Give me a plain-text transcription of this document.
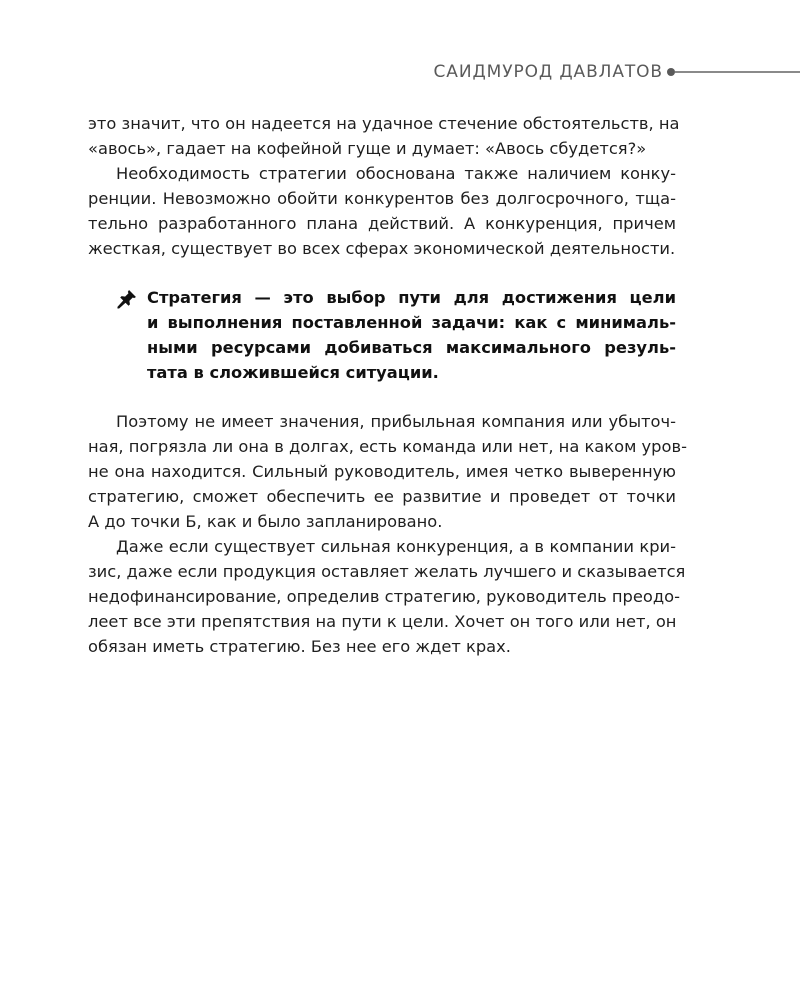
САИДМУРОД ДАВЛАТОВ
это значит, что он надеется на удачное стечение обстоятельств, на
«авось», гадает на кофейной гуще и думает: «Авось сбудется?»
Необходимость стратегии обоснована также наличием конку-
ренции. Невозможно обойти конкурентов без долгосрочного, тща-
тельно разработанного плана действий. А конкуренция, причем
жесткая, существует во всех сферах экономической деятельности.
Стратегия — это выбор пути для достижения цели
и выполнения поставленной задачи: как с минималь-
ными ресурсами добиваться максимального резуль-
тата в сложившейся ситуации.
Поэтому не имеет значения, прибыльная компания или убыточ-
ная, погрязла ли она в долгах, есть команда или нет, на каком уров-
не она находится. Сильный руководитель, имея четко выверенную
стратегию, сможет обеспечить ее развитие и проведет от точки
А до точки Б, как и было запланировано.
Даже если существует сильная конкуренция, а в компании кри-
зис, даже если продукция оставляет желать лучшего и сказывается
недофинансирование, определив стратегию, руководитель преодо-
леет все эти препятствия на пути к цели. Хочет он того или нет, он
обязан иметь стратегию. Без нее его ждет крах.
